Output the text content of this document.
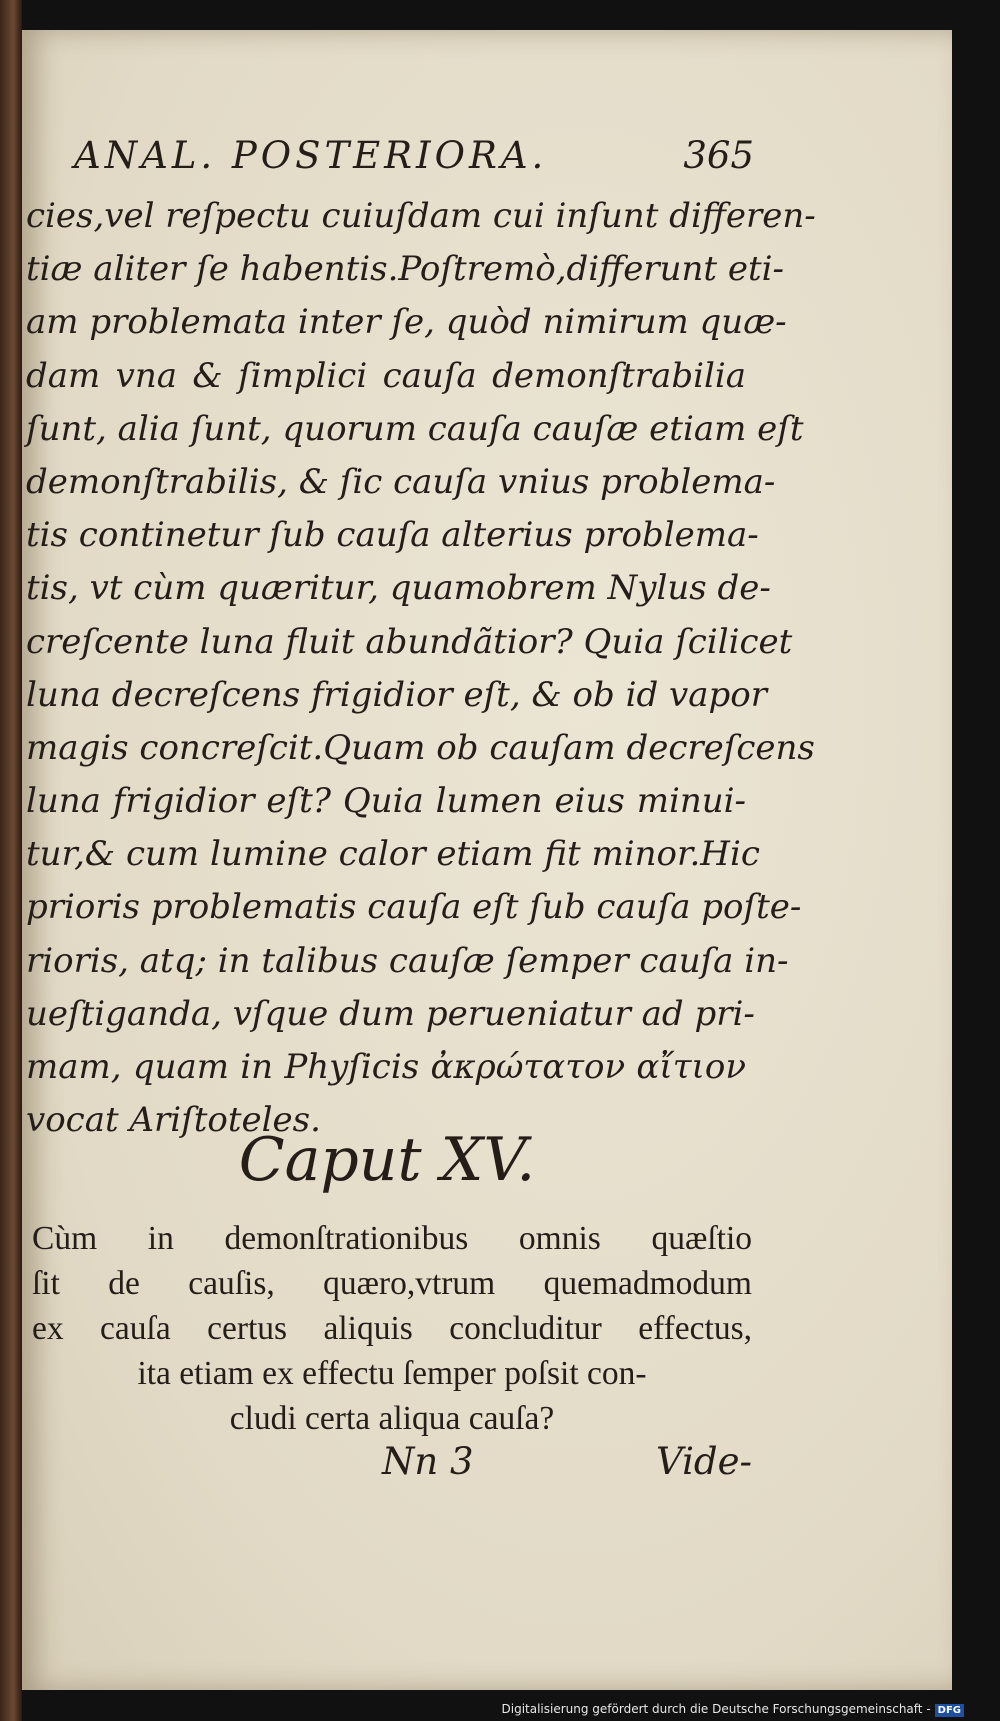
ANAL. POSTERIORA.	365
cies,vel reſpectu cuiuſdam cui inſunt differen-
tiæ aliter ſe habentis.Poſtremò,differunt eti-
am problemata inter ſe, quòd nimirum quæ-
dam vna & ſimplici cauſa demonſtrabilia
ſunt, alia ſunt, quorum cauſa cauſæ etiam eſt
demonſtrabilis, & ſic cauſa vnius problema-
tis continetur ſub cauſa alterius problema-
tis, vt cùm quæritur, quamobrem Nylus de-
creſcente luna fluit abundãtior? Quia ſcilicet
luna decreſcens frigidior eſt, & ob id vapor
magis concreſcit.Quam ob cauſam decreſcens
luna frigidior eſt? Quia lumen eius minui-
tur,& cum lumine calor etiam fit minor.Hic
prioris problematis cauſa eſt ſub cauſa poſte-
rioris, atq; in talibus cauſæ ſemper cauſa in-
ueſtiganda, vſque dum perueniatur ad pri-
mam, quam in Phyſicis ἀκρώτατον αἴτιον
vocat Ariſtoteles.
Caput XV.
Cùm in demonſtrationibus omnis quæſtio
ſit de cauſis, quæro,vtrum quemadmodum
ex cauſa certus aliquis concluditur effectus,
ita etiam ex effectu ſemper poſsit con-
cludi certa aliqua cauſa?
Nn 3	Vide-
Digitalisierung gefördert durch die Deutsche Forschungsgemeinschaft - DFG
